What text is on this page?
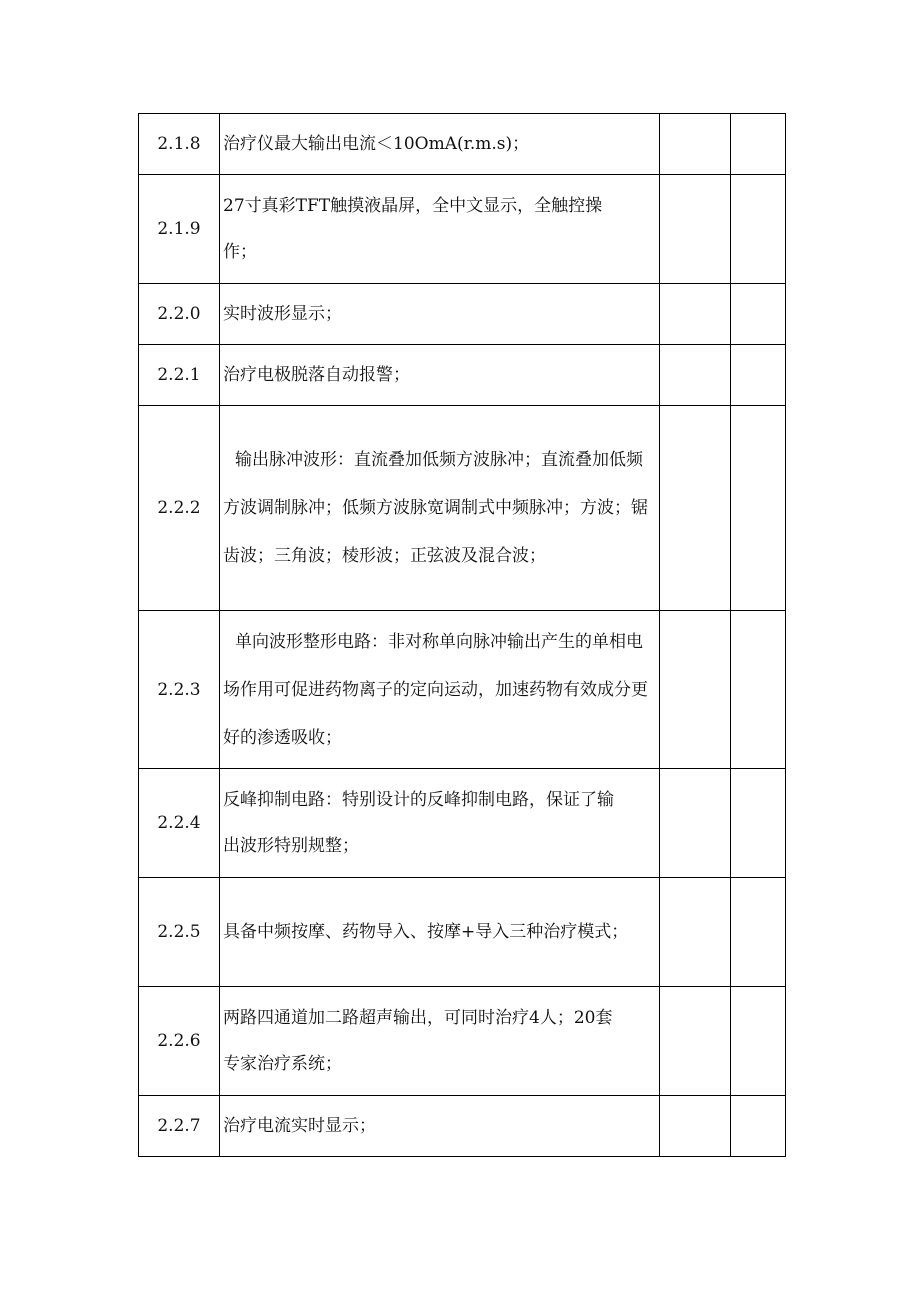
2.1.8	治疗仪最大输出电流＜10OmA(r.m.s)；		
2.1.9	27寸真彩TFT触摸液晶屏，全中文显示，全触控操作；		
2.2.0	实时波形显示；		
2.2.1	治疗电极脱落自动报警；		
2.2.2	输出脉冲波形：直流叠加低频方波脉冲；直流叠加低频方波调制脉冲；低频方波脉宽调制式中频脉冲；方波；锯齿波；三角波；棱形波；正弦波及混合波；		
2.2.3	单向波形整形电路：非对称单向脉冲输出产生的单相电场作用可促进药物离子的定向运动，加速药物有效成分更好的渗透吸收；		
2.2.4	反峰抑制电路：特别设计的反峰抑制电路，保证了输出波形特别规整；		
2.2.5	具备中频按摩、药物导入、按摩+导入三种治疗模式；		
2.2.6	两路四通道加二路超声输出，可同时治疗4人；20套专家治疗系统；		
2.2.7	治疗电流实时显示；		
